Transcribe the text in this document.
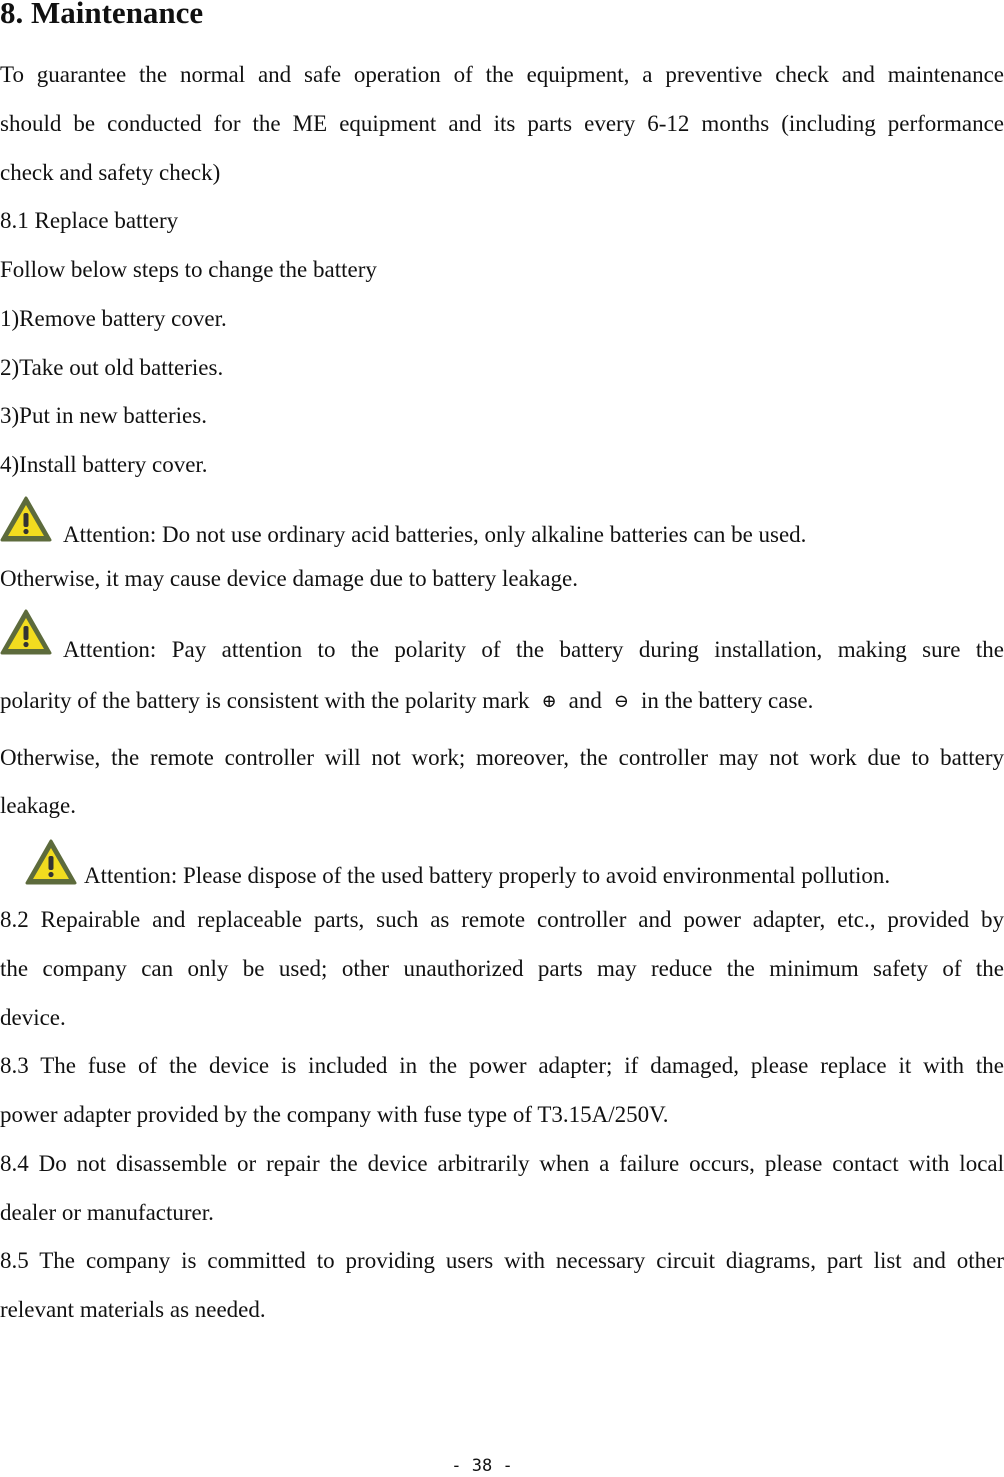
8. Maintenance
To guarantee the normal and safe operation of the equipment, a preventive check and maintenance
should be conducted for the ME equipment and its parts every 6-12 months (including performance
check and safety check)
8.1 Replace battery
Follow below steps to change the battery
1)Remove battery cover.
2)Take out old batteries.
3)Put in new batteries.
4)Install battery cover.
Attention: Do not use ordinary acid batteries, only alkaline batteries can be used.
Otherwise, it may cause device damage due to battery leakage.
Attention: Pay attention to the polarity of the battery during installation, making sure the
polarity of the battery is consistent with the polarity mark ⊕ and ⊖ in the battery case.
Otherwise, the remote controller will not work; moreover, the controller may not work due to battery
leakage.
Attention: Please dispose of the used battery properly to avoid environmental pollution.
8.2 Repairable and replaceable parts, such as remote controller and power adapter, etc., provided by
the company can only be used; other unauthorized parts may reduce the minimum safety of the
device.
8.3 The fuse of the device is included in the power adapter; if damaged, please replace it with the
power adapter provided by the company with fuse type of T3.15A/250V.
8.4 Do not disassemble or repair the device arbitrarily when a failure occurs, please contact with local
dealer or manufacturer.
8.5 The company is committed to providing users with necessary circuit diagrams, part list and other
relevant materials as needed.
- 38 -
